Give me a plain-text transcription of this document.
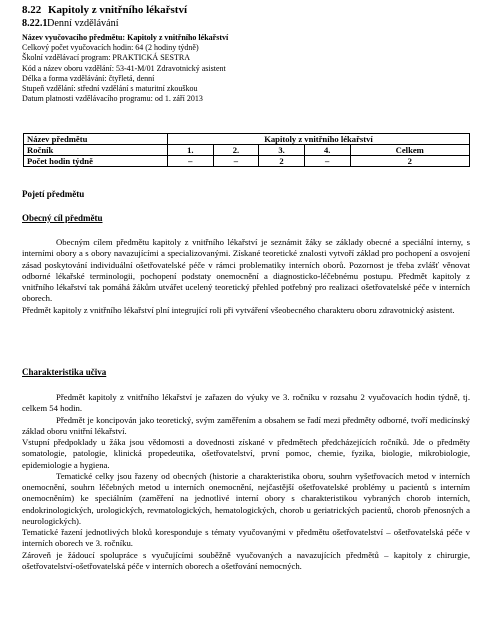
8.22 Kapitoly z vnitřního lékařství
8.22.1Denní vzdělávání
Název vyučovacího předmětu: Kapitoly z vnitřního lékařství
Celkový počet vyučovacích hodin: 64 (2 hodiny týdně)
Školní vzdělávací program: PRAKTICKÁ SESTRA
Kód a název oboru vzdělání: 53-41-M/01 Zdravotnický asistent
Délka a forma vzdělávání: čtyřletá, denní
Stupeň vzdělání: střední vzdělání s maturitní zkouškou
Datum platnosti vzdělávacího programu: od 1. září 2013
Název předmětu	Kapitoly z vnitřního lékařství				
Ročník	1.	2.	3.	4.	Celkem
Počet hodin týdně	–	–	2	–	2
Pojetí předmětu
Obecný cíl předmětu

Obecným cílem předmětu kapitoly z vnitřního lékařství je seznámit žáky se základy obecné a speciální interny, s interními obory a s obory navazujícími a specializovanými. Získané teoretické znalosti vytvoří základ pro pochopení a osvojení zásad poskytování individuální ošetřovatelské péče v rámci problematiky interních oborů. Pozornost je třeba zvlášť věnovat odborné lékařské terminologii, pochopení podstaty onemocnění a diagnosticko-léčebnému postupu. Předmět kapitoly z vnitřního lékařství tak pomáhá žákům utvářet ucelený teoretický přehled potřebný pro realizaci ošetřovatelské péče v interních oborech.

Předmět kapitoly z vnitřního lékařství plní integrující roli při vytváření všeobecného charakteru oboru zdravotnický asistent.

Charakteristika učiva

Předmět kapitoly z vnitřního lékařství je zařazen do výuky ve 3. ročníku v rozsahu 2 vyučovacích hodin týdně, tj. celkem 54 hodin.

Předmět je koncipován jako teoretický, svým zaměřením a obsahem se řadí mezi předměty odborné, tvoří medicínský základ oboru vnitřní lékařství.

Vstupní předpoklady u žáka jsou vědomosti a dovednosti získané v předmětech předcházejících ročníků. Jde o předměty somatologie, patologie, klinická propedeutika, ošetřovatelství, první pomoc, chemie, fyzika, biologie, mikrobiologie, epidemiologie a hygiena.

Tematické celky jsou řazeny od obecných (historie a charakteristika oboru, souhrn vyšetřovacích metod v interních onemocnění, souhrn léčebných metod u interních onemocnění, nejčastější ošetřovatelské problémy u pacientů s interním onemocněním) ke speciálním (zaměření na jednotlivé interní obory s charakteristikou vybraných chorob interních, endokrinologických, urologických, revmatologických, hematologických, chorob u geriatrických pacientů, chorob přenosných a neurologických).

Tematické řazení jednotlivých bloků koresponduje s tématy vyučovanými v předmětu ošetřovatelství – ošetřovatelská péče v interních oborech ve 3. ročníku.

Zároveň je žádoucí spolupráce s vyučujícími souběžně vyučovaných a navazujících předmětů – kapitoly z chirurgie, ošetřovatelství-ošetřovatelská péče v interních oborech a ošetřování nemocných.
